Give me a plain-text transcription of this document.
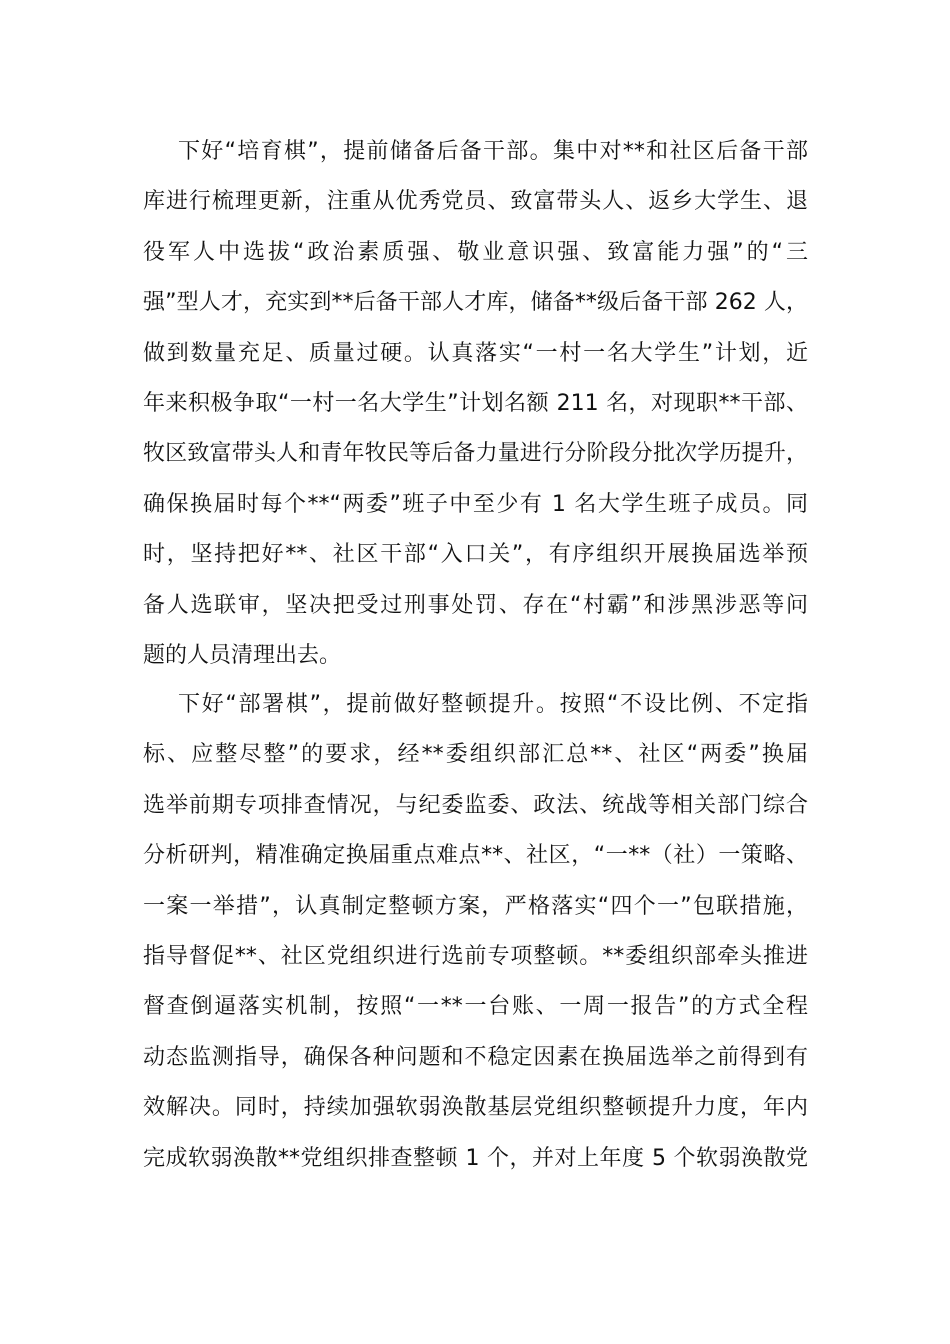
下好“培育棋”，提前储备后备干部。集中对**和社区后备干部
库进行梳理更新，注重从优秀党员、致富带头人、返乡大学生、退
役军人中选拔“政治素质强、敬业意识强、致富能力强”的“三
强”型人才，充实到**后备干部人才库，储备**级后备干部 262 人，
做到数量充足、质量过硬。认真落实“一村一名大学生”计划，近
年来积极争取“一村一名大学生”计划名额 211 名，对现职**干部、
牧区致富带头人和青年牧民等后备力量进行分阶段分批次学历提升，
确保换届时每个**“两委”班子中至少有 1 名大学生班子成员。同
时，坚持把好**、社区干部“入口关”，有序组织开展换届选举预
备人选联审，坚决把受过刑事处罚、存在“村霸”和涉黑涉恶等问
题的人员清理出去。
下好“部署棋”，提前做好整顿提升。按照“不设比例、不定指
标、应整尽整”的要求，经**委组织部汇总**、社区“两委”换届
选举前期专项排查情况，与纪委监委、政法、统战等相关部门综合
分析研判，精准确定换届重点难点**、社区，“一**（社）一策略、
一案一举措”，认真制定整顿方案，严格落实“四个一”包联措施，
指导督促**、社区党组织进行选前专项整顿。**委组织部牵头推进
督查倒逼落实机制，按照“一**一台账、一周一报告”的方式全程
动态监测指导，确保各种问题和不稳定因素在换届选举之前得到有
效解决。同时，持续加强软弱涣散基层党组织整顿提升力度，年内
完成软弱涣散**党组织排查整顿 1 个，并对上年度 5 个软弱涣散党
